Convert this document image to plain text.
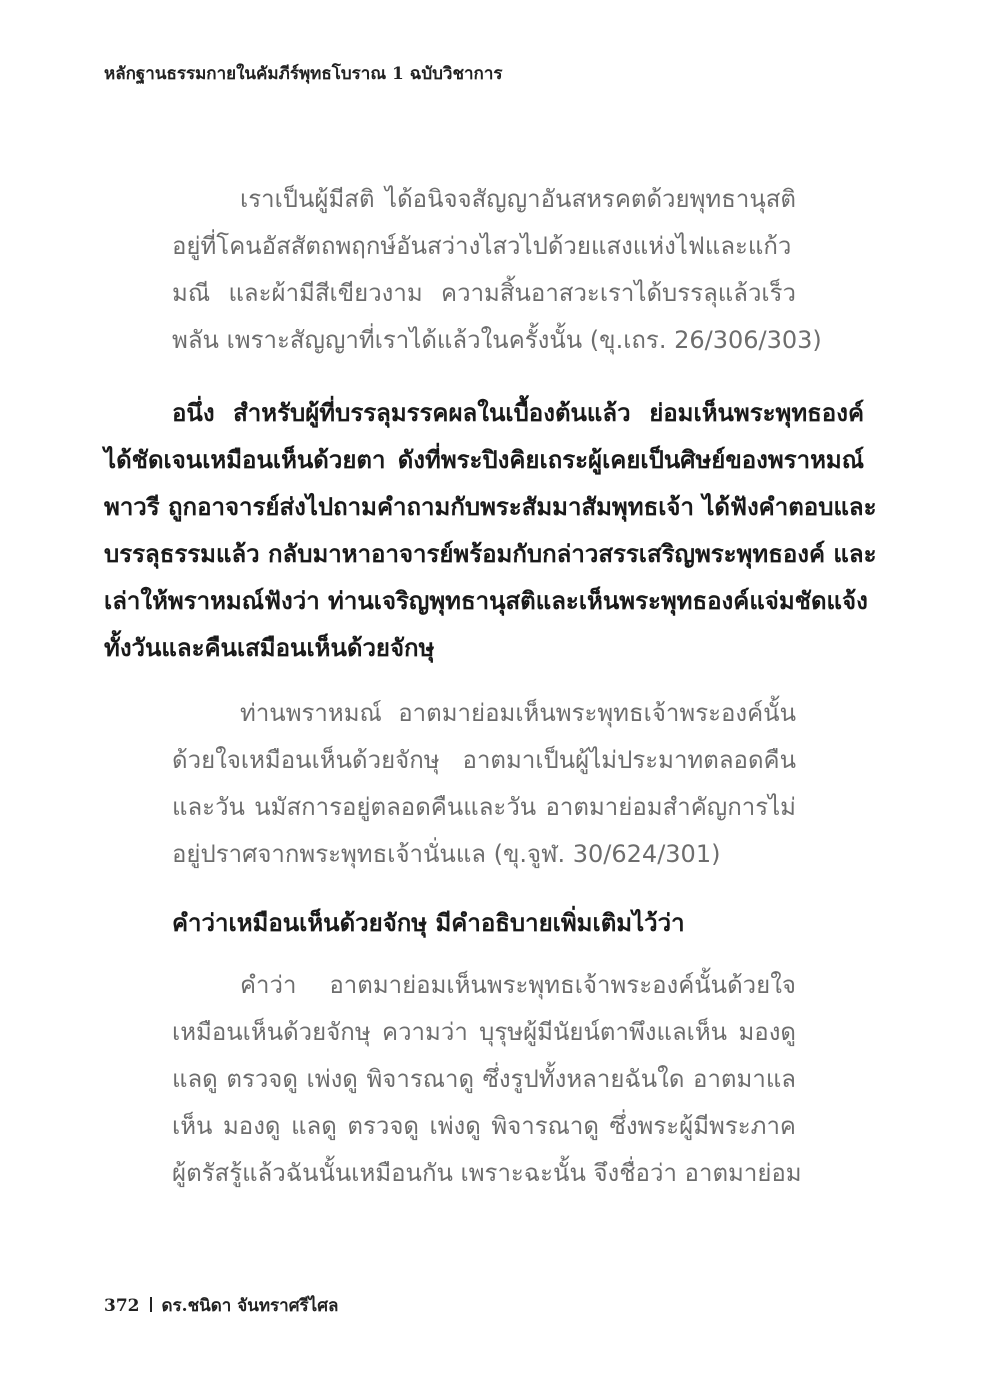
หลักฐานธรรมกายในคัมภีร์พุทธโบราณ 1 ฉบับวิชาการ
เราเป็นผู้มีสติ ได้อนิจจสัญญาอันสหรคตด้วยพุทธานุสติ
อยู่ที่โคนอัสสัตถพฤกษ์อันสว่างไสวไปด้วยแสงแห่งไฟและแก้ว
มณี และผ้ามีสีเขียวงาม ความสิ้นอาสวะเราได้บรรลุแล้วเร็ว
พลัน เพราะสัญญาที่เราได้แล้วในครั้งนั้น (ขุ.เถร. 26/306/303)
อนึ่ง สำหรับผู้ที่บรรลุมรรคผลในเบื้องต้นแล้ว ย่อมเห็นพระพุทธองค์
ได้ชัดเจนเหมือนเห็นด้วยตา ดังที่พระปิงคิยเถระผู้เคยเป็นศิษย์ของพราหมณ์
พาวรี ถูกอาจารย์ส่งไปถามคำถามกับพระสัมมาสัมพุทธเจ้า ได้ฟังคำตอบและ
บรรลุธรรมแล้ว กลับมาหาอาจารย์พร้อมกับกล่าวสรรเสริญพระพุทธองค์ และ
เล่าให้พราหมณ์ฟังว่า ท่านเจริญพุทธานุสติและเห็นพระพุทธองค์แจ่มชัดแจ้ง
ทั้งวันและคืนเสมือนเห็นด้วยจักษุ
ท่านพราหมณ์ อาตมาย่อมเห็นพระพุทธเจ้าพระองค์นั้น
ด้วยใจเหมือนเห็นด้วยจักษุ อาตมาเป็นผู้ไม่ประมาทตลอดคืน
และวัน นมัสการอยู่ตลอดคืนและวัน อาตมาย่อมสำคัญการไม่
อยู่ปราศจากพระพุทธเจ้านั่นแล (ขุ.จูฬ. 30/624/301)
คำว่าเหมือนเห็นด้วยจักษุ มีคำอธิบายเพิ่มเติมไว้ว่า
คำว่า อาตมาย่อมเห็นพระพุทธเจ้าพระองค์นั้นด้วยใจ
เหมือนเห็นด้วยจักษุ ความว่า บุรุษผู้มีนัยน์ตาพึงแลเห็น มองดู
แลดู ตรวจดู เพ่งดู พิจารณาดู ซึ่งรูปทั้งหลายฉันใด อาตมาแล
เห็น มองดู แลดู ตรวจดู เพ่งดู พิจารณาดู ซึ่งพระผู้มีพระภาค
ผู้ตรัสรู้แล้วฉันนั้นเหมือนกัน เพราะฉะนั้น จึงชื่อว่า อาตมาย่อม
372 ดร.ชนิดา จันทราศรีไศล
